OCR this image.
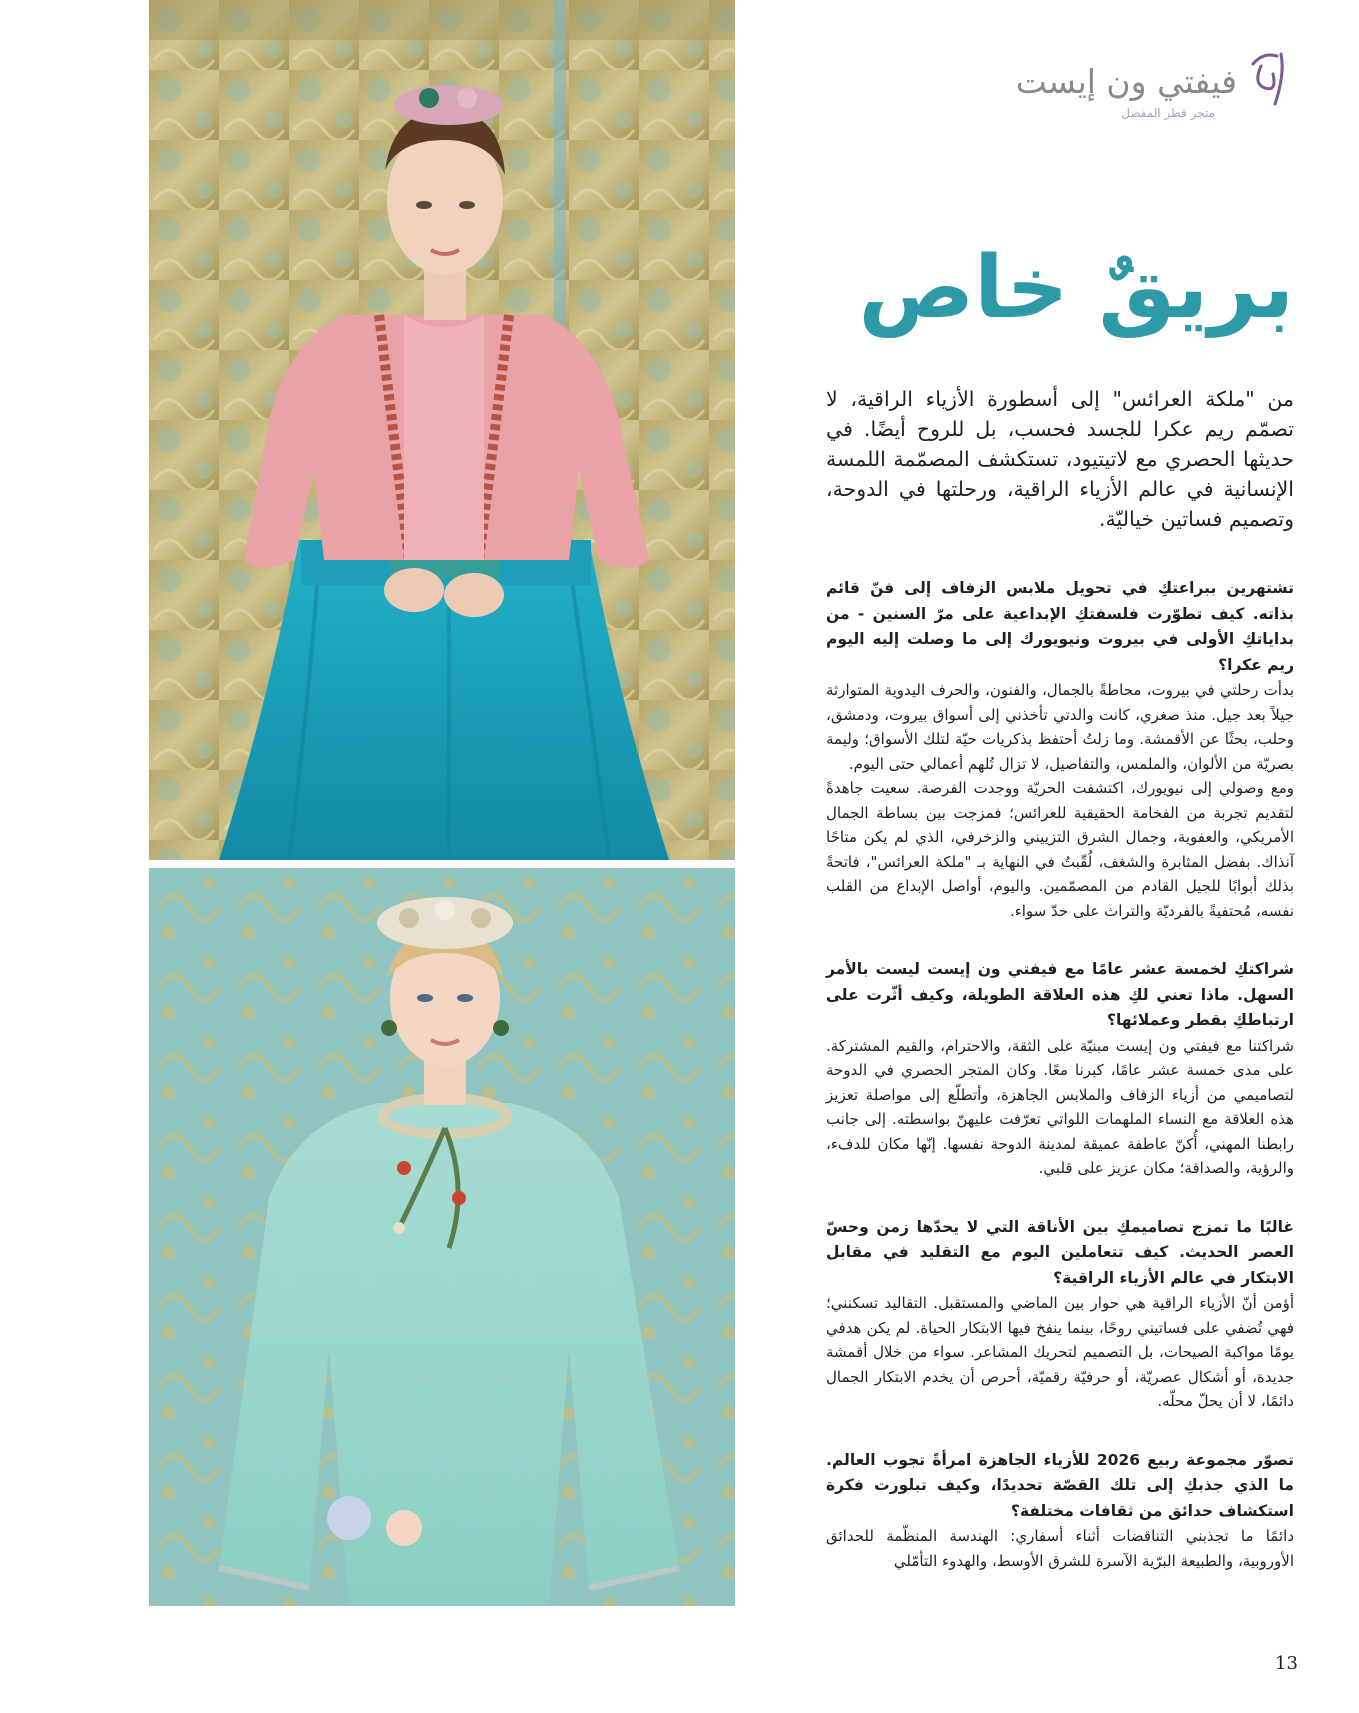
فيفتي ون إيست
متجر قطر المفضل
بريقٌ خاص

من "ملكة العرائس" إلى أسطورة الأزياء الراقية، لا تصمّم ريم عكرا للجسد فحسب، بل للروح أيضًا. في حديثها الحصري مع لاتيتيود، تستكشف المصمّمة اللمسة الإنسانية في عالم الأزياء الراقية، ورحلتها في الدوحة، وتصميم فساتين خياليّة.

تشتهرين ببراعتكِ في تحويل ملابس الزفاف إلى فنّ قائم بذاته. كيف تطوّرت فلسفتكِ الإبداعية على مرّ السنين - من بداياتكِ الأولى في بيروت ونيويورك إلى ما وصلت إليه اليوم ريم عكرا؟

بدأت رحلتي في بيروت، محاطةً بالجمال، والفنون، والحرف اليدوية المتوارثة جيلاً بعد جيل. منذ صغري، كانت والدتي تأخذني إلى أسواق بيروت، ودمشق، وحلب، بحثًا عن الأقمشة. وما زلتُ أحتفظ بذكريات حيّة لتلك الأسواق؛ وليمة بصريّة من الألوان، والملمس، والتفاصيل، لا تزال تُلهم أعمالي حتى اليوم.

ومع وصولي إلى نيويورك، اكتشفت الحريّة ووجدت الفرصة. سعيت جاهدةً لتقديم تجربة من الفخامة الحقيقية للعرائس؛ فمزجت بين بساطة الجمال الأمريكي، والعفوية، وجمال الشرق التزييني والزخرفي، الذي لم يكن متاحًا آنذاك. بفضل المثابرة والشغف، لُقّبتُ في النهاية بـ "ملكة العرائس"، فاتحةً بذلك أبوابًا للجيل القادم من المصمّمين. واليوم، أواصل الإبداع من القلب نفسه، مُحتفيةً بالفرديّة والتراث على حدّ سواء.

شراكتكِ لخمسة عشر عامًا مع فيفتي ون إيست ليست بالأمر السهل. ماذا تعني لكِ هذه العلاقة الطويلة، وكيف أثّرت على ارتباطكِ بقطر وعملائها؟

شراكتنا مع فيفتي ون إيست مبنيّة على الثقة، والاحترام، والقيم المشتركة. على مدى خمسة عشر عامًا، كبرنا معًا. وكان المتجر الحصري في الدوحة لتصاميمي من أزياء الزفاف والملابس الجاهزة، وأتطلّع إلى مواصلة تعزيز هذه العلاقة مع النساء الملهمات اللواتي تعرّفت عليهنّ بواسطته. إلى جانب رابطنا المهني، أُكنّ عاطفة عميقة لمدينة الدوحة نفسها. إنّها مكان للدفء، والرؤية، والصداقة؛ مكان عزيز على قلبي.

غالبًا ما تمزج تصاميمكِ بين الأناقة التي لا يحدّها زمن وحسّ العصر الحديث. كيف تتعاملين اليوم مع التقليد في مقابل الابتكار في عالم الأزياء الراقية؟

أؤمن أنّ الأزياء الراقية هي حوار بين الماضي والمستقبل. التقاليد تسكنني؛ فهي تُضفي على فساتيني روحًا، بينما ينفخ فيها الابتكار الحياة. لم يكن هدفي يومًا مواكبة الصيحات، بل التصميم لتحريك المشاعر. سواء من خلال أقمشة جديدة، أو أشكال عصريّة، أو حرفيّة رقميّة، أحرص أن يخدم الابتكار الجمال دائمًا، لا أن يحلّ محلّه.

تصوّر مجموعة ربيع 2026 للأزياء الجاهزة امرأةً تجوب العالم. ما الذي جذبكِ إلى تلك القصّة تحديدًا، وكيف تبلورت فكرة استكشاف حدائق من ثقافات مختلفة؟

دائمًا ما تجذبني التناقضات أثناء أسفاري: الهندسة المنظّمة للحدائق الأوروبية، والطبيعة البرّية الآسرة للشرق الأوسط، والهدوء التأمّلي

13
